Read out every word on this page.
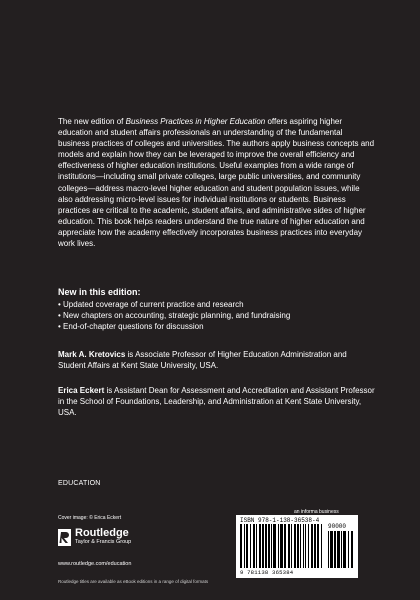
The new edition of Business Practices in Higher Education offers aspiring higher education and student affairs professionals an understanding of the fundamental business practices of colleges and universities. The authors apply business concepts and models and explain how they can be leveraged to improve the overall efficiency and effectiveness of higher education institutions. Useful examples from a wide range of institutions—including small private colleges, large public universities, and community colleges—address macro-level higher education and student population issues, while also addressing micro-level issues for individual institutions or students. Business practices are critical to the academic, student affairs, and administrative sides of higher education. This book helps readers understand the true nature of higher education and appreciate how the academy effectively incorporates business practices into everyday work lives.

New in this edition:
• Updated coverage of current practice and research
• New chapters on accounting, strategic planning, and fundraising
• End-of-chapter questions for discussion

Mark A. Kretovics is Associate Professor of Higher Education Administration and Student Affairs at Kent State University, USA.

Erica Eckert is Assistant Dean for Assessment and Accreditation and Assistant Professor in the School of Foundations, Leadership, and Administration at Kent State University, USA.

EDUCATION
Cover image: © Erica Eckert
Routledge
Taylor & Francis Group
www.routledge.com/education
Routledge titles are available as eBook editions in a range of digital formats
an informa business
ISBN 978-1-138-36538-4
90000
9 781138 365384
